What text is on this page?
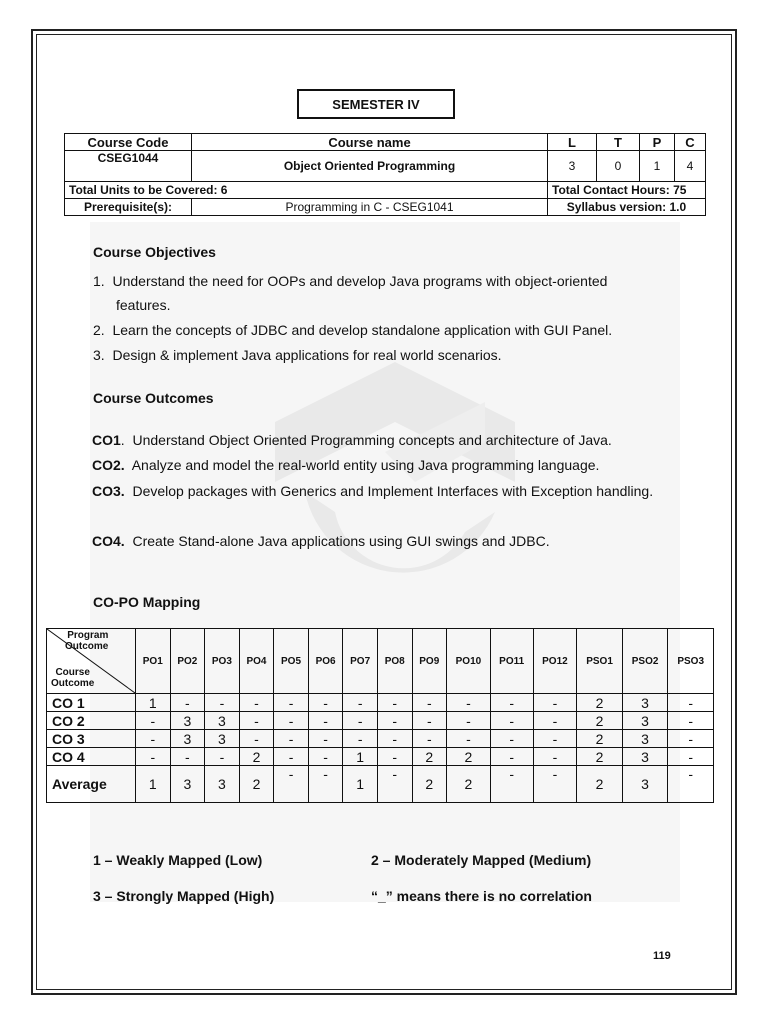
SEMESTER IV
Course Code	Course name	L	T	P	C
CSEG1044	Object Oriented Programming	3	0	1	4
Total Units to be Covered: 6		Total Contact Hours: 75			
Prerequisite(s):	Programming in C - CSEG1041	Syllabus version: 1.0			
Course Objectives
1. Understand the need for OOPs and develop Java programs with object-oriented
features.
2. Learn the concepts of JDBC and develop standalone application with GUI Panel.
3. Design & implement Java applications for real world scenarios.
Course Outcomes
CO1. Understand Object Oriented Programming concepts and architecture of Java.
CO2. Analyze and model the real-world entity using Java programming language.
CO3. Develop packages with Generics and Implement Interfaces with Exception handling.
CO4. Create Stand-alone Java applications using GUI swings and JDBC.
CO-PO Mapping
Program
Outcome
Course
Outcome	PO1	PO2	PO3	PO4	PO5	PO6	PO7	PO8	PO9	PO10	PO11	PO12	PSO1	PSO2	PSO3
CO 1	1	-	-	-	-	-	-	-	-	-	-	-	2	3	-
CO 2	-	3	3	-	-	-	-	-	-	-	-	-	2	3	-
CO 3	-	3	3	-	-	-	-	-	-	-	-	-	2	3	-
CO 4	-	-	-	2	-	-	1	-	2	2	-	-	2	3	-
Average	1	3	3	2	-	-	1	-	2	2	-	-	2	3	-
1 – Weakly Mapped (Low)	2 – Moderately Mapped (Medium)
3 – Strongly Mapped (High)	“_” means there is no correlation
119
